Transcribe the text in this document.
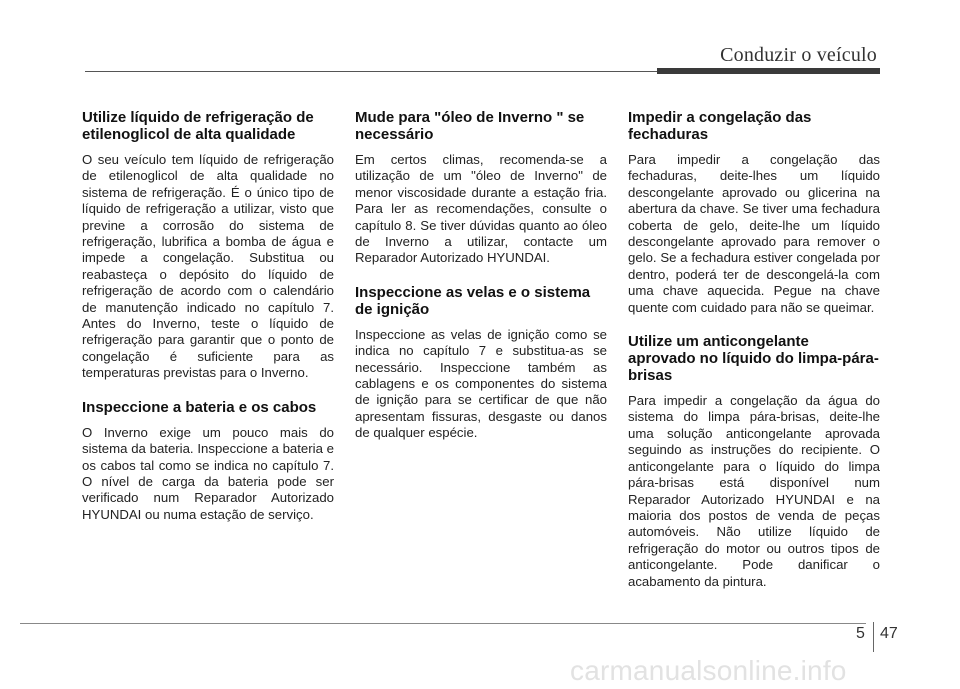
Conduzir o veículo
Utilize líquido de refrigeração de etilenoglicol de alta qualidade

O seu veículo tem líquido de refrigeração de etilenoglicol de alta qualidade no sistema de refrigeração. É o único tipo de líquido de refrigeração a utilizar, visto que previne a corrosão do sistema de refrigeração, lubrifica a bomba de água e impede a congelação. Substitua ou reabasteça o depósito do líquido de refrigeração de acordo com o calendário de manutenção indicado no capítulo 7. Antes do Inverno, teste o líquido de refrigeração para garantir que o ponto de congelação é suficiente para as temperaturas previstas para o Inverno.

Inspeccione a bateria e os cabos

O Inverno exige um pouco mais do sistema da bateria. Inspeccione a bateria e os cabos tal como se indica no capítulo 7. O nível de carga da bateria pode ser verificado num Reparador Autorizado HYUNDAI ou numa estação de serviço.

Mude para "óleo de Inverno " se necessário

Em certos climas, recomenda-se a utilização de um "óleo de Inverno" de menor viscosidade durante a estação fria. Para ler as recomendações, consulte o capítulo 8. Se tiver dúvidas quanto ao óleo de Inverno a utilizar, contacte um Reparador Autorizado HYUNDAI.

Inspeccione as velas e o sistema de ignição

Inspeccione as velas de ignição como se indica no capítulo 7 e substitua-as se necessário. Inspeccione também as cablagens e os componentes do sistema de ignição para se certificar de que não apresentam fissuras, desgaste ou danos de qualquer espécie.

Impedir a congelação das fechaduras

Para impedir a congelação das fechaduras, deite-lhes um líquido descongelante aprovado ou glicerina na abertura da chave. Se tiver uma fechadura coberta de gelo, deite-lhe um líquido descongelante aprovado para remover o gelo. Se a fechadura estiver congelada por dentro, poderá ter de descongelá-la com uma chave aquecida. Pegue na chave quente com cuidado para não se queimar.

Utilize um anticongelante aprovado no líquido do limpa-pára-brisas

Para impedir a congelação da água do sistema do limpa pára-brisas, deite-lhe uma solução anticongelante aprovada seguindo as instruções do recipiente. O anticongelante para o líquido do limpa pára-brisas está disponível num Reparador Autorizado HYUNDAI e na maioria dos postos de venda de peças automóveis. Não utilize líquido de refrigeração do motor ou outros tipos de anticongelante. Pode danificar o acabamento da pintura.

5 47
carmanualsonline.info
